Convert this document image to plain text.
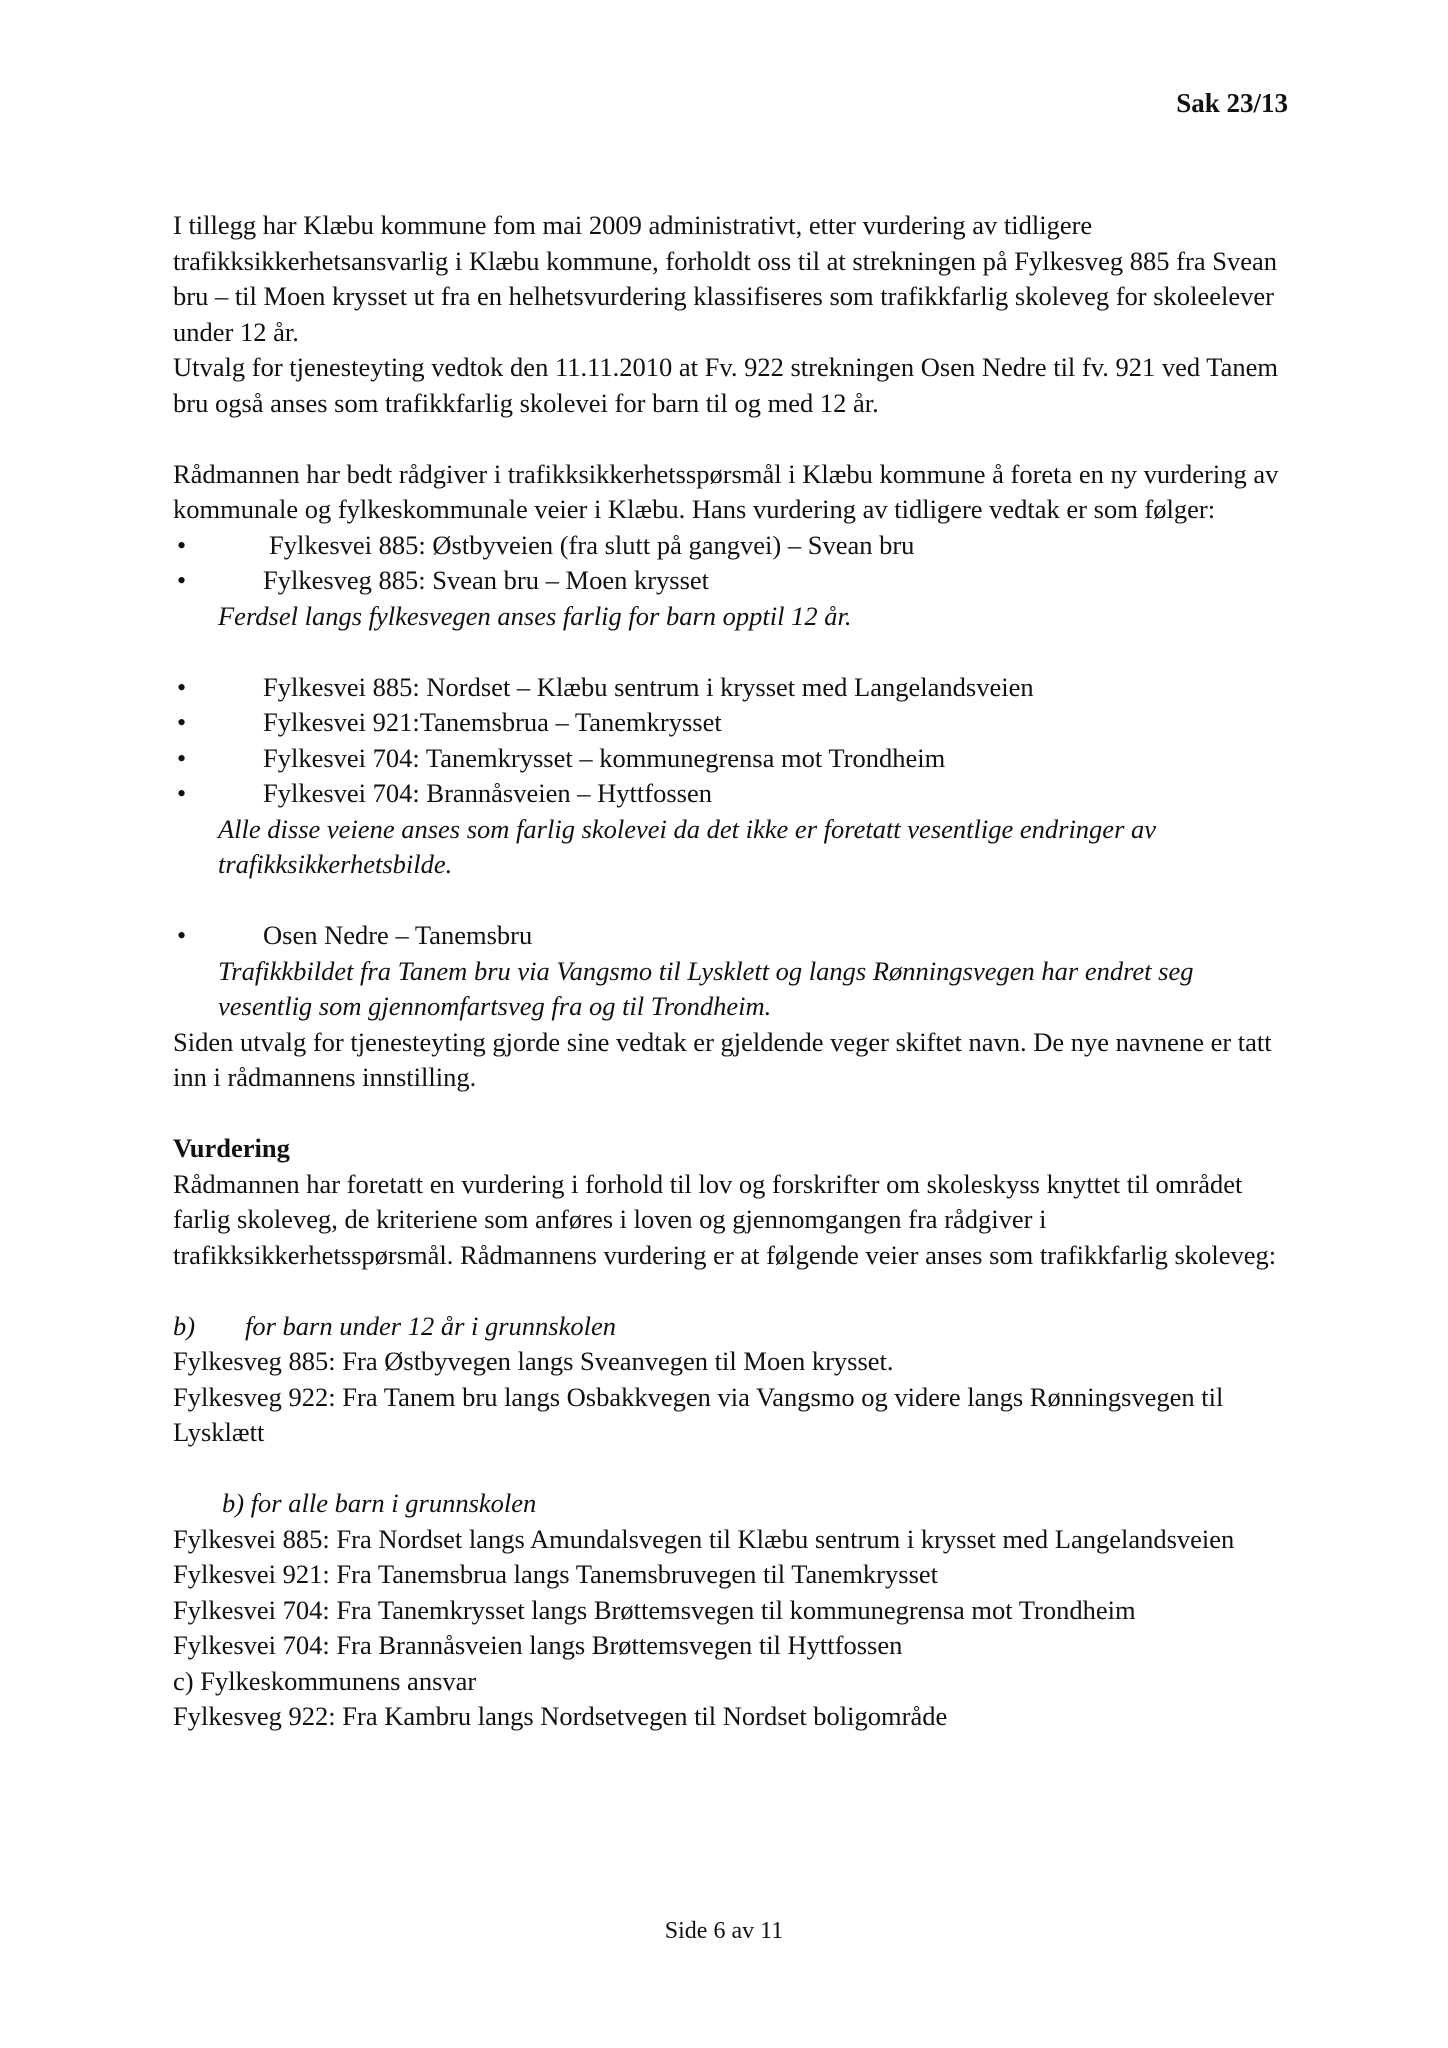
Sak 23/13

I tillegg har Klæbu kommune fom mai 2009 administrativt, etter vurdering av tidligere trafikksikkerhetsansvarlig i Klæbu kommune, forholdt oss til at strekningen på Fylkesveg 885 fra Svean bru – til Moen krysset ut fra en helhetsvurdering klassifiseres som trafikkfarlig skoleveg for skoleelever under 12 år.

Utvalg for tjenesteyting vedtok den 11.11.2010 at Fv. 922 strekningen Osen Nedre til fv. 921 ved Tanem bru også anses som trafikkfarlig skolevei for barn til og med 12 år.

Rådmannen har bedt rådgiver i trafikksikkerhetsspørsmål i Klæbu kommune å foreta en ny vurdering av kommunale og fylkeskommunale veier i Klæbu. Hans vurdering av tidligere vedtak er som følger:

• Fylkesvei 885: Østbyveien (fra slutt på gangvei) – Svean bru
• Fylkesveg 885: Svean bru – Moen krysset

Ferdsel langs fylkesvegen anses farlig for barn opptil 12 år.

• Fylkesvei 885: Nordset – Klæbu sentrum i krysset med Langelandsveien
• Fylkesvei 921:Tanemsbrua – Tanemkrysset
• Fylkesvei 704: Tanemkrysset – kommunegrensa mot Trondheim
• Fylkesvei 704: Brannåsveien – Hyttfossen

Alle disse veiene anses som farlig skolevei da det ikke er foretatt vesentlige endringer av trafikksikkerhetsbilde.

• Osen Nedre – Tanemsbru

Trafikkbildet fra Tanem bru via Vangsmo til Lysklett og langs Rønningsvegen har endret seg vesentlig som gjennomfartsveg fra og til Trondheim.

Siden utvalg for tjenesteyting gjorde sine vedtak er gjeldende veger skiftet navn. De nye navnene er tatt inn i rådmannens innstilling.

Vurdering

Rådmannen har foretatt en vurdering i forhold til lov og forskrifter om skoleskyss knyttet til området farlig skoleveg, de kriteriene som anføres i loven og gjennomgangen fra rådgiver i trafikksikkerhetsspørsmål. Rådmannens vurdering er at følgende veier anses som trafikkfarlig skoleveg:

b) for barn under 12 år i grunnskolen

Fylkesveg 885: Fra Østbyvegen langs Sveanvegen til Moen krysset.

Fylkesveg 922: Fra Tanem bru langs Osbakkvegen via Vangsmo og videre langs Rønningsvegen til Lysklætt

b) for alle barn i grunnskolen

Fylkesvei 885: Fra Nordset langs Amundalsvegen til Klæbu sentrum i krysset med Langelandsveien

Fylkesvei 921: Fra Tanemsbrua langs Tanemsbruvegen til Tanemkrysset

Fylkesvei 704: Fra Tanemkrysset langs Brøttemsvegen til kommunegrensa mot Trondheim

Fylkesvei 704: Fra Brannåsveien langs Brøttemsvegen til Hyttfossen

c) Fylkeskommunens ansvar

Fylkesveg 922: Fra Kambru langs Nordsetvegen til Nordset boligområde

Side 6 av 11
